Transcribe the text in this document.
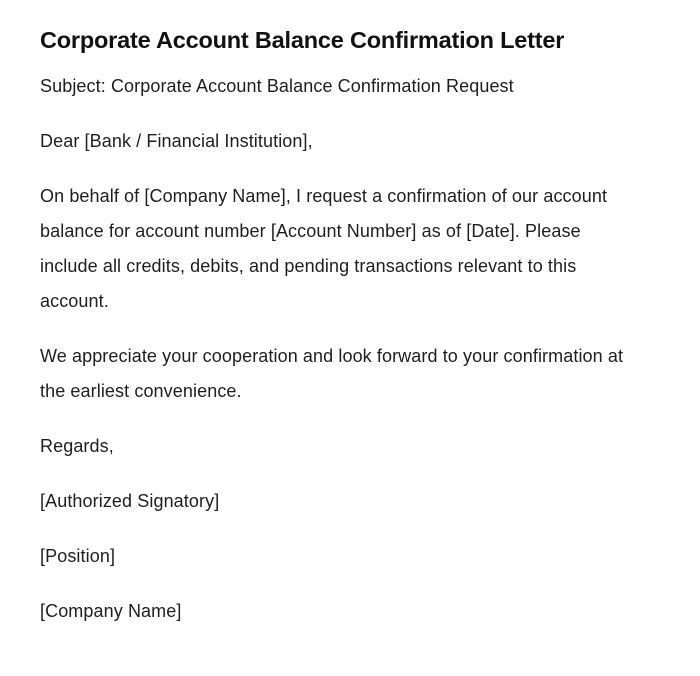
Corporate Account Balance Confirmation Letter

Subject: Corporate Account Balance Confirmation Request

Dear [Bank / Financial Institution],

On behalf of [Company Name], I request a confirmation of our account balance for account number [Account Number] as of [Date]. Please include all credits, debits, and pending transactions relevant to this account.

We appreciate your cooperation and look forward to your confirmation at the earliest convenience.

Regards,

[Authorized Signatory]

[Position]

[Company Name]
